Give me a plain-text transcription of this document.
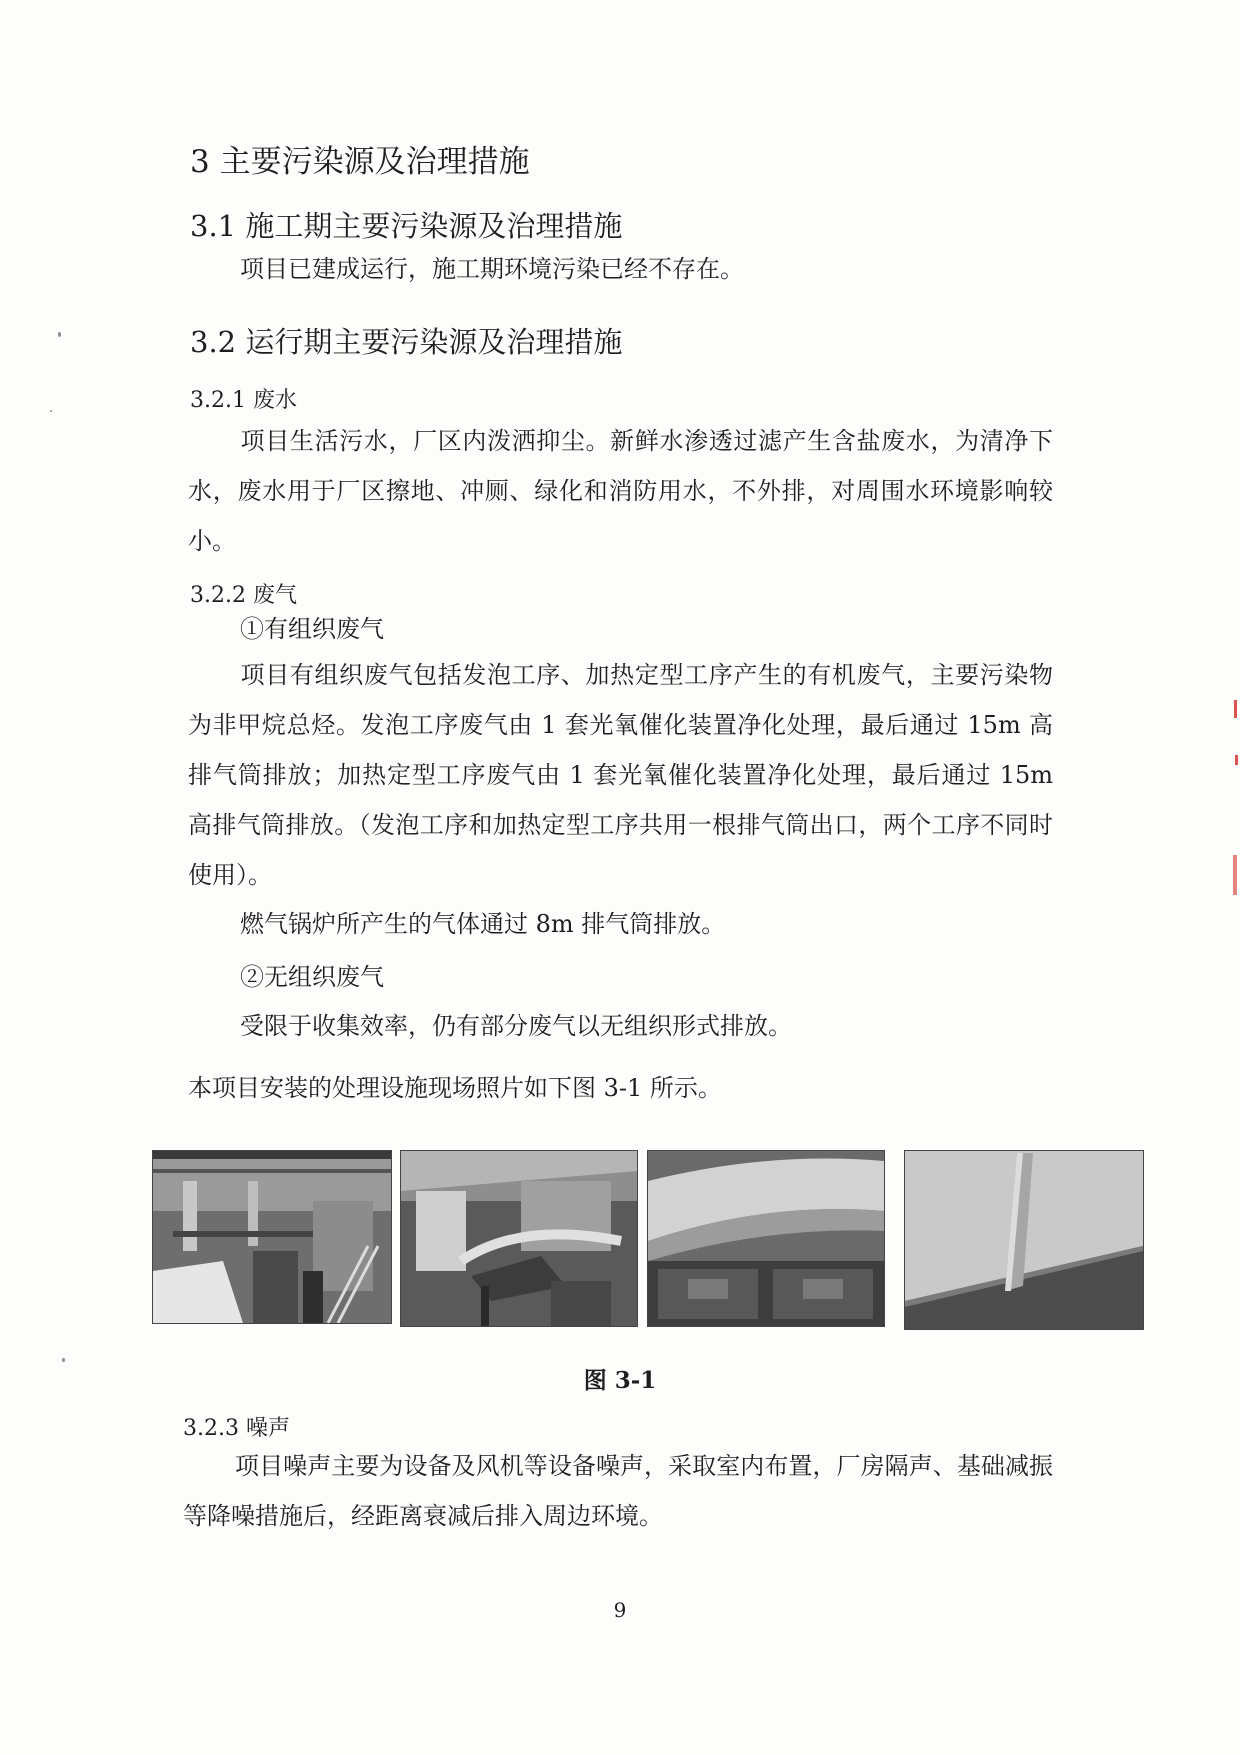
3 主要污染源及治理措施
3.1 施工期主要污染源及治理措施
项目已建成运行，施工期环境污染已经不存在。
3.2 运行期主要污染源及治理措施
3.2.1 废水
项目生活污水，厂区内泼洒抑尘。新鲜水渗透过滤产生含盐废水，为清净下水，废水用于厂区擦地、冲厕、绿化和消防用水，不外排，对周围水环境影响较小。
3.2.2 废气
①有组织废气
项目有组织废气包括发泡工序、加热定型工序产生的有机废气，主要污染物为非甲烷总烃。发泡工序废气由 1 套光氧催化装置净化处理，最后通过 15m 高排气筒排放；加热定型工序废气由 1 套光氧催化装置净化处理，最后通过 15m 高排气筒排放。（发泡工序和加热定型工序共用一根排气筒出口，两个工序不同时使用）。
燃气锅炉所产生的气体通过 8m 排气筒排放。
②无组织废气
受限于收集效率，仍有部分废气以无组织形式排放。
本项目安装的处理设施现场照片如下图 3-1 所示。
图 3-1
3.2.3 噪声
项目噪声主要为设备及风机等设备噪声，采取室内布置，厂房隔声、基础减振等降噪措施后，经距离衰减后排入周边环境。
9
